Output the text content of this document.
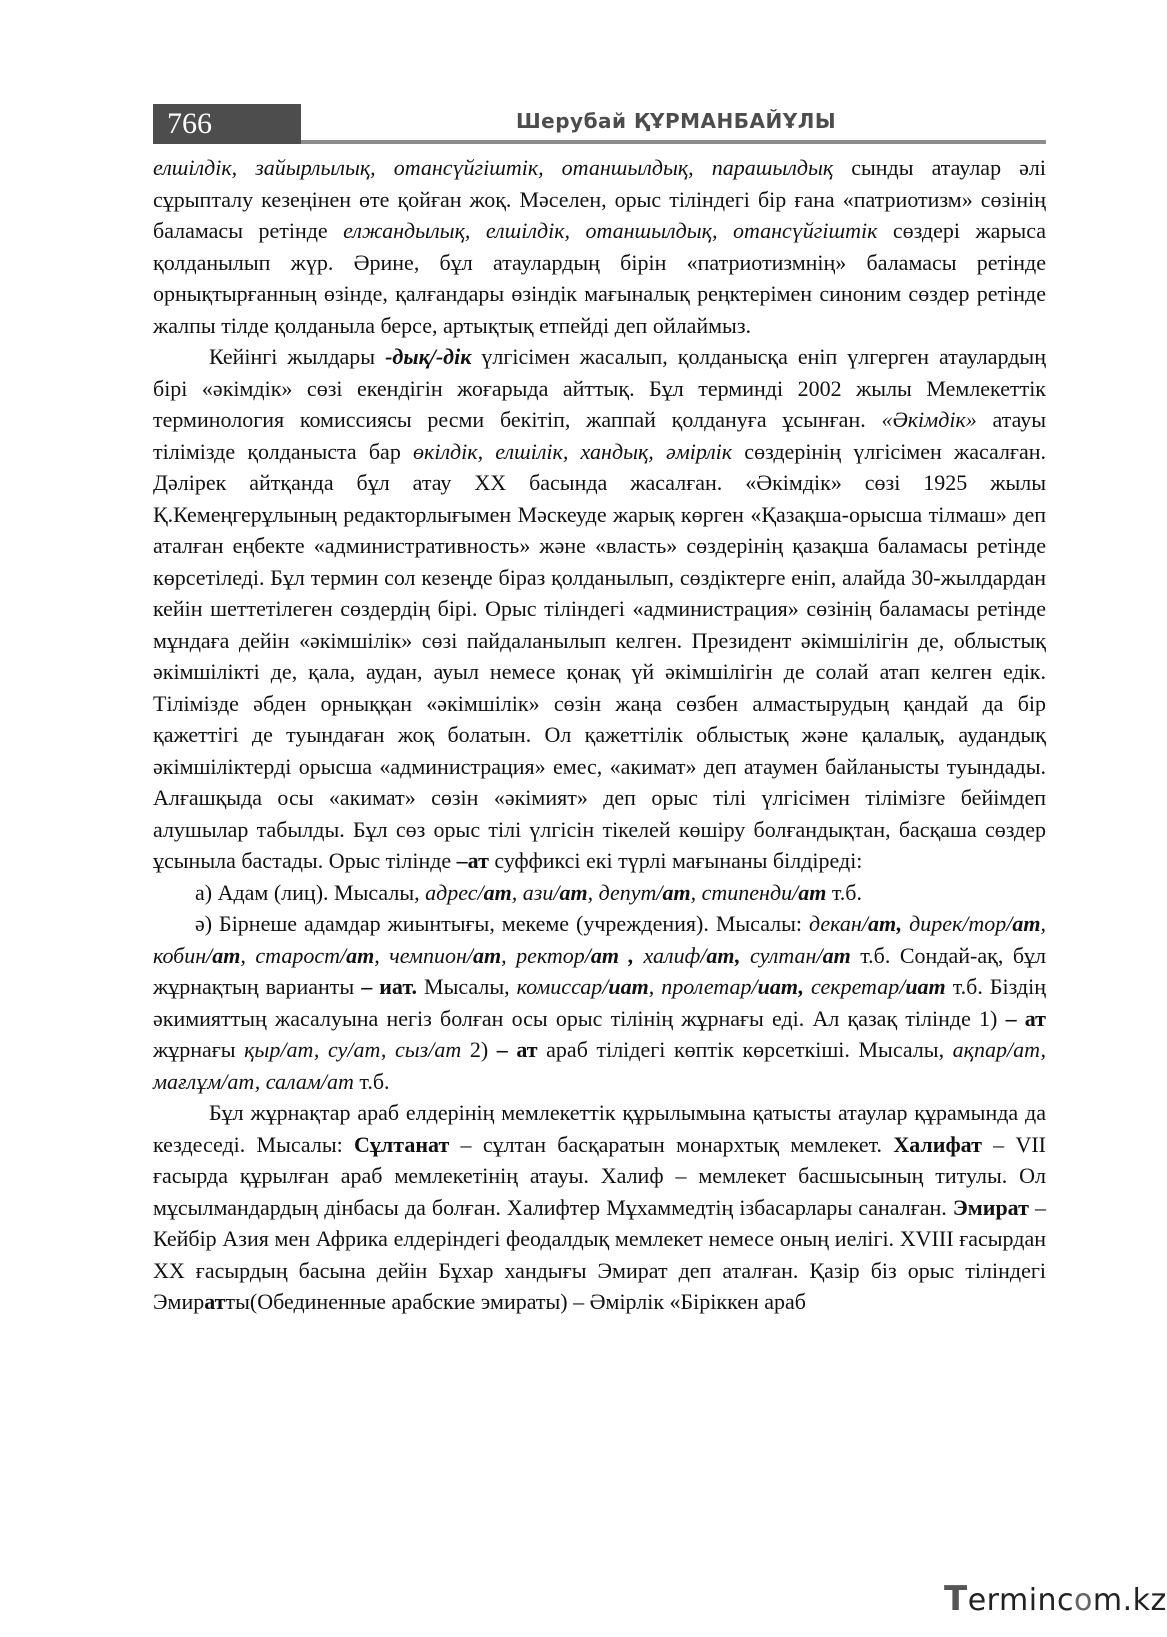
766	Шерубай ҚҰРМАНБАЙҰЛЫ

елшілдік, зайырлылық, отансүйгіштік, отаншылдық, парашылдық сынды атаулар әлі сұрыпталу кезеңінен өте қойған жоқ. Мәселен, орыс тіліндегі бір ғана «патриотизм» сөзінің баламасы ретінде елжандылық, елшілдік, отаншылдық, отансүйгіштік сөздері жарыса қолданылып жүр. Әрине, бұл атаулардың бірін «патриотизмнің» баламасы ретінде орнықтырғанның өзінде, қалғандары өзіндік мағыналық реңктерімен синоним сөздер ретінде жалпы тілде қолданыла берсе, артықтық етпейді деп ойлаймыз.

Кейінгі жылдары -дық/-дік үлгісімен жасалып, қолданысқа еніп үлгерген атаулардың бірі «әкімдік» сөзі екендігін жоғарыда айттық. Бұл терминді 2002 жылы Мемлекеттік терминология комиссиясы ресми бекітіп, жаппай қолдануға ұсынған. «Әкімдік» атауы тілімізде қолданыста бар өкілдік, елшілік, хандық, әмірлік сөздерінің үлгісімен жасалған. Дәлірек айтқанда бұл атау ХХ басында жасалған. «Әкімдік» сөзі 1925 жылы Қ.Кемеңгерұлының редакторлығымен Мәскеуде жарық көрген «Қазақша-орысша тілмаш» деп аталған еңбекте «административность» және «власть» сөздерінің қазақша баламасы ретінде көрсетіледі. Бұл термин сол кезеңде біраз қолданылып, сөздіктерге еніп, алайда 30-жылдардан кейін шеттетілеген сөздердің бірі. Орыс тіліндегі «администрация» сөзінің баламасы ретінде мұндаға дейін «әкімшілік» сөзі пайдаланылып келген. Президент әкімшілігін де, облыстық әкімшілікті де, қала, аудан, ауыл немесе қонақ үй әкімшілігін де солай атап келген едік. Тілімізде әбден орныққан «әкімшілік» сөзін жаңа сөзбен алмастырудың қандай да бір қажеттігі де туындаған жоқ болатын. Ол қажеттілік облыстық және қалалық, аудандық әкімшіліктерді орысша «администрация» емес, «акимат» деп атаумен байланысты туындады. Алғашқыда осы «акимат» сөзін «әкімият» деп орыс тілі үлгісімен тілімізге бейімдеп алушылар табылды. Бұл сөз орыс тілі үлгісін тікелей көшіру болғандықтан, басқаша сөздер ұсыныла бастады. Орыс тілінде –ат суффиксі екі түрлі мағынаны білдіреді:

а) Адам (лиц). Мысалы, адрес/ат, ази/ат, депут/ат, стипенди/ат т.б.

ә) Бірнеше адамдар жиынтығы, мекеме (учреждения). Мысалы: декан/ат, дирек/тор/ат, кобин/ат, старост/ат, чемпион/ат, ректор/ат , халиф/ат, султан/ат т.б. Сондай-ақ, бұл жұрнақтың варианты – иат. Мысалы, комиссар/иат, пролетар/иат, секретар/иат т.б. Біздің әкимияттың жасалуына негіз болған осы орыс тілінің жұрнағы еді. Ал қазақ тілінде 1) – ат жұрнағы қыр/ат, су/ат, сыз/ат 2) – ат араб тілідегі көптік көрсеткіші. Мысалы, ақпар/ат, мағлұм/ат, салам/ат т.б.

Бұл жұрнақтар араб елдерінің мемлекеттік құрылымына қатысты атаулар құрамында да кездеседі. Мысалы: Сұлтанат – сұлтан басқаратын монархтық мемлекет. Халифат – VІІ ғасырда құрылған араб мемлекетінің атауы. Халиф – мемлекет басшысының титулы. Ол мұсылмандардың дінбасы да болған. Халифтер Мұхаммедтің ізбасарлары саналған. Эмират – Кейбір Азия мен Африка елдеріндегі феодалдық мемлекет немесе оның иелігі. ХVІІІ ғасырдан ХХ ғасырдың басына дейін Бұхар хандығы Эмират деп аталған. Қазір біз орыс тіліндегі Эмиратты(Обединенные арабские эмираты) – Әмірлік «Біріккен араб

Termincom.kz
